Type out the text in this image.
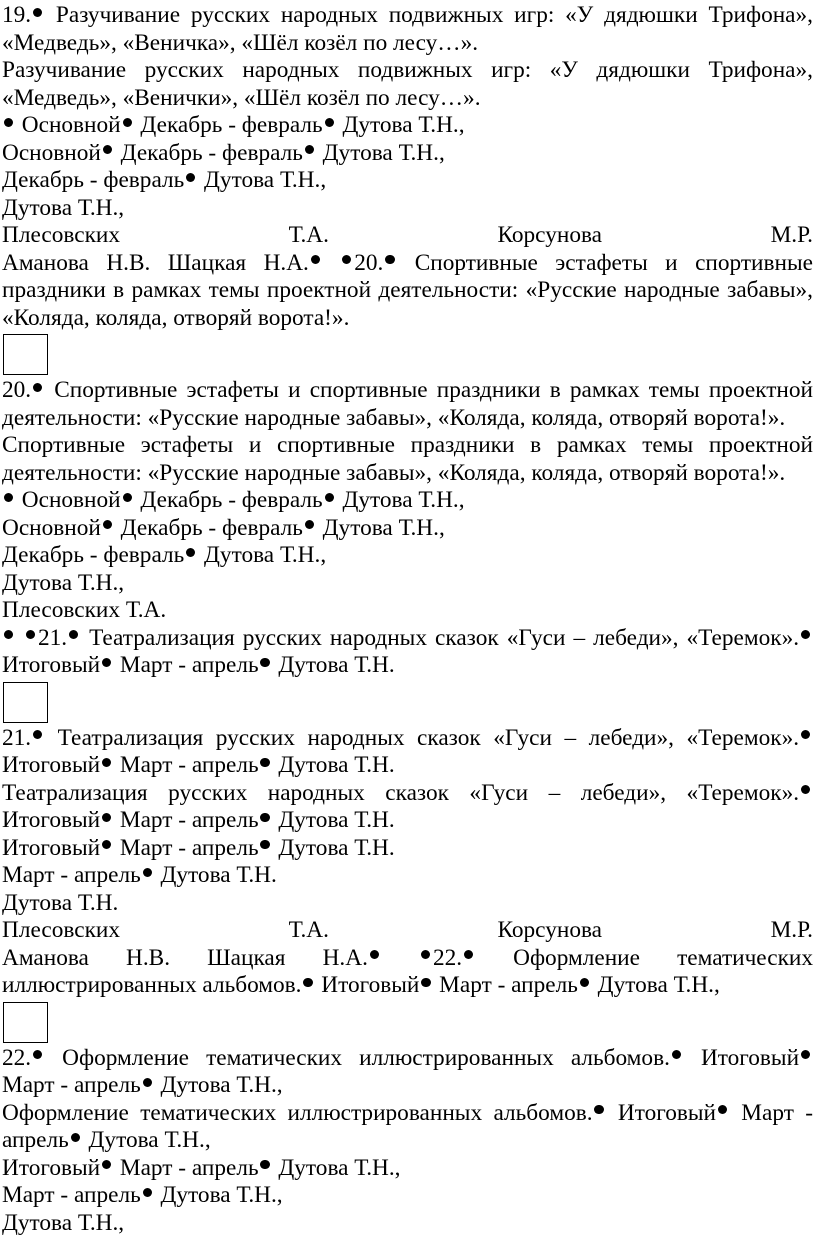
19. Разучивание русских народных подвижных игр: «У дядюшки Трифона», «Медведь», «Веничка», «Шёл козёл по лесу…».

Разучивание русских народных подвижных игр: «У дядюшки Трифона», «Медведь», «Венички», «Шёл козёл по лесу…».

Основной Декабрь - февраль Дутова Т.Н.,

Основной Декабрь - февраль Дутова Т.Н.,

Декабрь - февраль Дутова Т.Н.,

Дутова Т.Н.,

Плесовских Т.А. Корсунова М.Р.

Аманова Н.В. Шацкая Н.А. 20. Спортивные эстафеты и спортивные праздники в рамках темы проектной деятельности: «Русские народные забавы», «Коляда, коляда, отворяй ворота!».

20. Спортивные эстафеты и спортивные праздники в рамках темы проектной деятельности: «Русские народные забавы», «Коляда, коляда, отворяй ворота!».

Спортивные эстафеты и спортивные праздники в рамках темы проектной деятельности: «Русские народные забавы», «Коляда, коляда, отворяй ворота!».

Основной Декабрь - февраль Дутова Т.Н.,

Основной Декабрь - февраль Дутова Т.Н.,

Декабрь - февраль Дутова Т.Н.,

Дутова Т.Н.,

Плесовских Т.А.

21. Театрализация русских народных сказок «Гуси – лебеди», «Теремок». Итоговый Март - апрель Дутова Т.Н.

21. Театрализация русских народных сказок «Гуси – лебеди», «Теремок». Итоговый Март - апрель Дутова Т.Н.

Театрализация русских народных сказок «Гуси – лебеди», «Теремок». Итоговый Март - апрель Дутова Т.Н.

Итоговый Март - апрель Дутова Т.Н.

Март - апрель Дутова Т.Н.

Дутова Т.Н.

Плесовских Т.А. Корсунова М.Р.

Аманова Н.В. Шацкая Н.А.	22. Оформление тематических иллюстрированных альбомов. Итоговый Март - апрель Дутова Т.Н.,

22. Оформление тематических иллюстрированных альбомов. Итоговый Март - апрель Дутова Т.Н.,

Оформление тематических иллюстрированных альбомов. Итоговый Март - апрель Дутова Т.Н.,

Итоговый Март - апрель Дутова Т.Н.,

Март - апрель Дутова Т.Н.,

Дутова Т.Н.,
